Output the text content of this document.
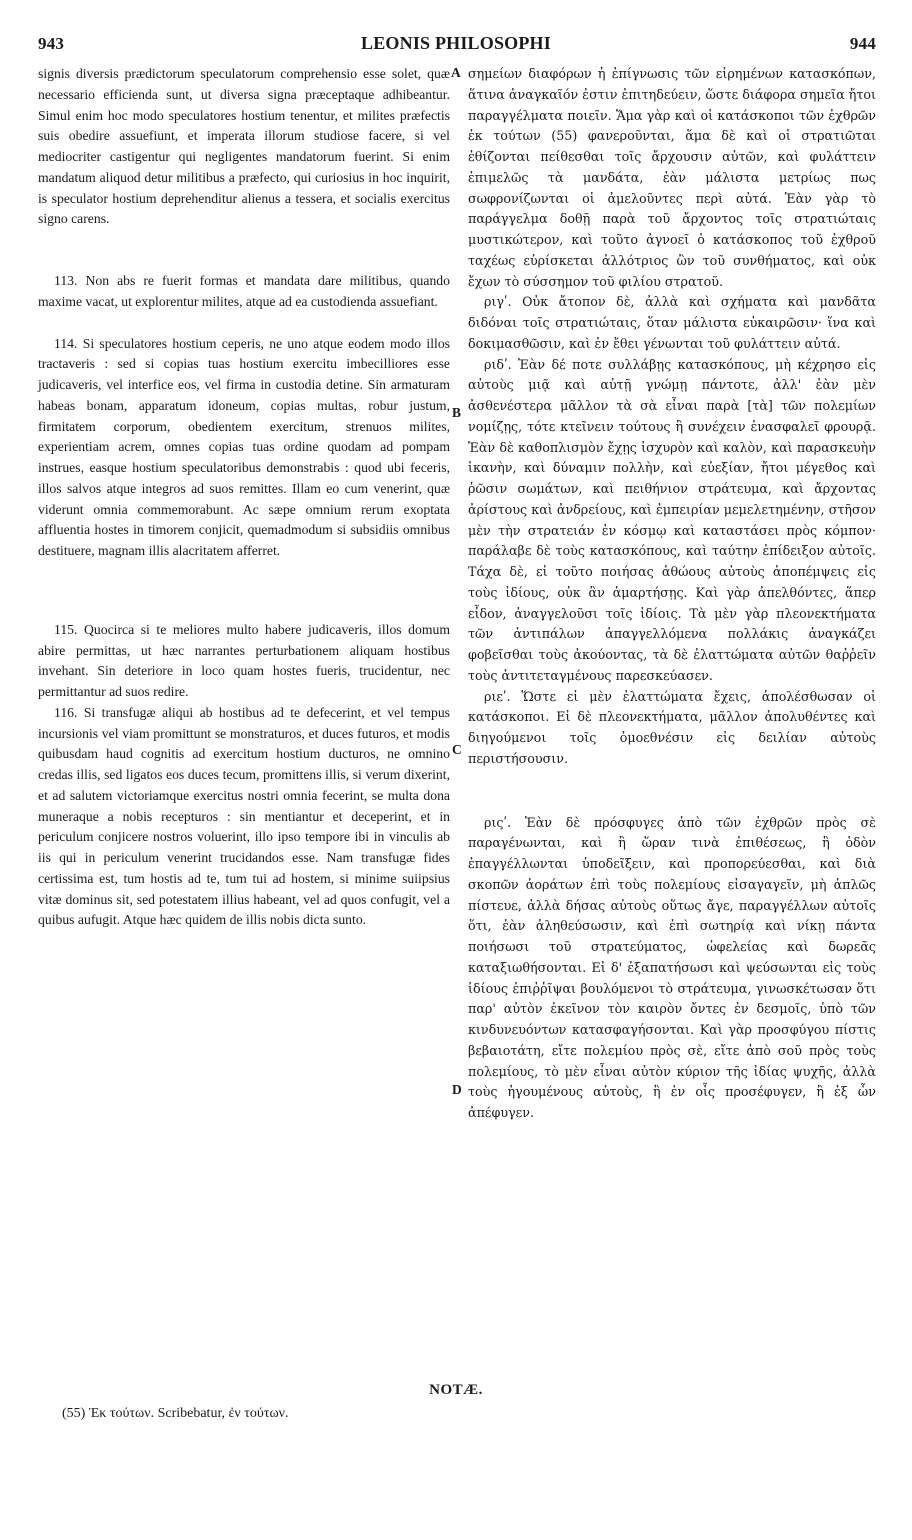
943	LEONIS PHILOSOPHI	944

signis diversis prædictorum speculatorum comprehensio esse solet, quæ necessario efficienda sunt, ut diversa signa præceptaque adhibeantur. Simul enim hoc modo speculatores hostium tenentur, et milites præfectis suis obedire assuefiunt, et imperata illorum studiose facere, si vel mediocriter castigentur qui negligentes mandatorum fuerint. Si enim mandatum aliquod detur militibus a præfecto, qui curiosius in hoc inquirit, is speculator hostium deprehenditur alienus a tessera, et socialis exercitus signo carens.

113. Non abs re fuerit formas et mandata dare militibus, quando maxime vacat, ut explorentur milites, atque ad ea custodienda assuefiant.

114. Si speculatores hostium ceperis, ne uno atque eodem modo illos tractaveris : sed si copias tuas hostium exercitu imbecilliores esse judicaveris, vel interfice eos, vel firma in custodia detine. Sin armaturam habeas bonam, apparatum idoneum, copias multas, robur justum, firmitatem corporum, obedientem exercitum, strenuos milites, experientiam acrem, omnes copias tuas ordine quodam ad pompam instrues, easque hostium speculatoribus demonstrabis : quod ubi feceris, illos salvos atque integros ad suos remittes. Illam eo cum venerint, quæ viderunt omnia commemorabunt. Ac sæpe omnium rerum exoptata affluentia hostes in timorem conjicit, quemadmodum si subsidiis omnibus destituere, magnam illis alacritatem afferret.

115. Quocirca si te meliores multo habere judicaveris, illos domum abire permittas, ut hæc narrantes perturbationem aliquam hostibus invehant. Sin deteriore in loco quam hostes fueris, trucidentur, nec permittantur ad suos redire.

116. Si transfugæ aliqui ab hostibus ad te defecerint, et vel tempus incursionis vel viam promittunt se monstraturos, et duces futuros, et modis quibusdam haud cognitis ad exercitum hostium ducturos, ne omnino credas illis, sed ligatos eos duces tecum, promittens illis, si verum dixerint, et ad salutem victoriamque exercitus nostri omnia fecerint, se multa dona muneraque a nobis recepturos : sin mentiantur et deceperint, et in periculum conjicere nostros voluerint, illo ipso tempore ibi in vinculis ab iis qui in periculum venerint trucidandos esse. Nam transfugæ fides certissima est, tum hostis ad te, tum tui ad hostem, si minime suiipsius vitæ dominus sit, sed potestatem illius habeant, vel ad quos confugit, vel a quibus aufugit. Atque hæc quidem de illis nobis dicta sunto.

A
B
C
D

σημείων διαφόρων ἡ ἐπίγνωσις τῶν εἰρημένων κατασκόπων, ἅτινα ἀναγκαῖόν ἐστιν ἐπιτηδεύειν, ὥστε διάφορα σημεῖα ἤτοι παραγγέλματα ποιεῖν. Ἅμα γὰρ καὶ οἱ κατάσκοποι τῶν ἐχθρῶν ἐκ τούτων (55) φανεροῦνται, ἅμα δὲ καὶ οἱ στρατιῶται ἐθίζονται πείθεσθαι τοῖς ἄρχουσιν αὐτῶν, καὶ φυλάττειν ἐπιμελῶς τὰ μανδάτα, ἐὰν μάλιστα μετρίως πως σωφρονίζωνται οἱ ἀμελοῦντες περὶ αὐτά. Ἐὰν γὰρ τὸ παράγγελμα δοθῇ παρὰ τοῦ ἄρχοντος τοῖς στρατιώταις μυστικώτερον, καὶ τοῦτο ἀγνοεῖ ὁ κατάσκοπος τοῦ ἐχθροῦ ταχέως εὑρίσκεται ἀλλότριος ὢν τοῦ συνθήματος, καὶ οὐκ ἔχων τὸ σύσσημον τοῦ φιλίου στρατοῦ.

ριγʹ. Οὐκ ἄτοπον δὲ, ἀλλὰ καὶ σχήματα καὶ μανδᾶτα διδόναι τοῖς στρατιώταις, ὅταν μάλιστα εὐκαιρῶσιν· ἵνα καὶ δοκιμασθῶσιν, καὶ ἐν ἔθει γένωνται τοῦ φυλάττειν αὐτά.

ριδʹ. Ἐὰν δέ ποτε συλλάβῃς κατασκόπους, μὴ κέχρησο εἰς αὐτοὺς μιᾷ καὶ αὐτῇ γνώμῃ πάντοτε, ἀλλ' ἐὰν μὲν ἀσθενέστερα μᾶλλον τὰ σὰ εἶναι παρὰ [τὰ] τῶν πολεμίων νομίζῃς, τότε κτεῖνειν τούτους ἢ συνέχειν ἐνασφαλεῖ φρουρᾷ. Ἐὰν δὲ καθοπλισμὸν ἔχῃς ἰσχυρὸν καὶ καλὸν, καὶ παρασκευὴν ἱκανὴν, καὶ δύναμιν πολλὴν, καὶ εὐεξίαν, ἤτοι μέγεθος καὶ ῥῶσιν σωμάτων, καὶ πειθήνιον στράτευμα, καὶ ἄρχοντας ἀρίστους καὶ ἀνδρείους, καὶ ἐμπειρίαν μεμελετημένην, στῆσον μὲν τὴν στρατειάν ἐν κόσμῳ καὶ καταστάσει πρὸς κόμπον· παράλαβε δὲ τοὺς κατασκόπους, καὶ ταύτην ἐπίδειξον αὐτοῖς. Τάχα δὲ, εἰ τοῦτο ποιήσας ἀθώους αὐτοὺς ἀποπέμψεις εἰς τοὺς ἰδίους, οὐκ ἂν ἁμαρτήσῃς. Καὶ γὰρ ἀπελθόντες, ἅπερ εἶδον, ἀναγγελοῦσι τοῖς ἰδίοις. Τὰ μὲν γὰρ πλεονεκτήματα τῶν ἀντιπάλων ἀπαγγελλόμενα πολλάκις ἀναγκάζει φοβεῖσθαι τοὺς ἀκούοντας, τὰ δὲ ἐλαττώματα αὐτῶν θαῤῥεῖν τοὺς ἀντιτεταγμένους παρεσκεύασεν.

ριεʹ. Ὥστε εἰ μὲν ἐλαττώματα ἔχεις, ἀπολέσθωσαν οἱ κατάσκοποι. Εἰ δὲ πλεονεκτήματα, μᾶλλον ἀπολυθέντες καὶ διηγούμενοι τοῖς ὁμοεθνέσιν εἰς δειλίαν αὐτοὺς περιστήσουσιν.

ριςʹ. Ἐὰν δὲ πρόσφυγες ἀπὸ τῶν ἐχθρῶν πρὸς σὲ παραγένωνται, καὶ ἢ ὥραν τινὰ ἐπιθέσεως, ἢ ὁδὸν ἐπαγγέλλωνται ὑποδεῖξειν, καὶ προπορεύεσθαι, καὶ διὰ σκοπῶν ἀοράτων ἐπὶ τοὺς πολεμίους εἰσαγαγεῖν, μὴ ἁπλῶς πίστευε, ἀλλὰ δήσας αὐτοὺς οὕτως ἄγε, παραγγέλλων αὐτοῖς ὅτι, ἐὰν ἀληθεύσωσιν, καὶ ἐπὶ σωτηρίᾳ καὶ νίκῃ πάντα ποιήσωσι τοῦ στρατεύματος, ὠφελείας καὶ δωρεᾶς καταξιωθήσονται. Εἰ δ' ἐξαπατήσωσι καὶ ψεύσωνται εἰς τοὺς ἰδίους ἐπιῤῥῖψαι βουλόμενοι τὸ στράτευμα, γινωσκέτωσαν ὅτι παρ' αὐτὸν ἐκεῖνον τὸν καιρὸν ὄντες ἐν δεσμοῖς, ὑπὸ τῶν κινδυνευόντων κατασφαγήσονται. Καὶ γὰρ προσφύγου πίστις βεβαιοτάτη, εἴτε πολεμίου πρὸς σὲ, εἴτε ἀπὸ σοῦ πρὸς τοὺς πολεμίους, τὸ μὲν εἶναι αὐτὸν κύριον τῆς ἰδίας ψυχῆς, ἀλλὰ τοὺς ἡγουμένους αὐτοὺς, ἢ ἐν οἷς προσέφυγεν, ἢ ἐξ ὧν ἀπέφυγεν.

NOTÆ.
(55) Ἐκ τούτων. Scribebatur, ἐν τούτων.
